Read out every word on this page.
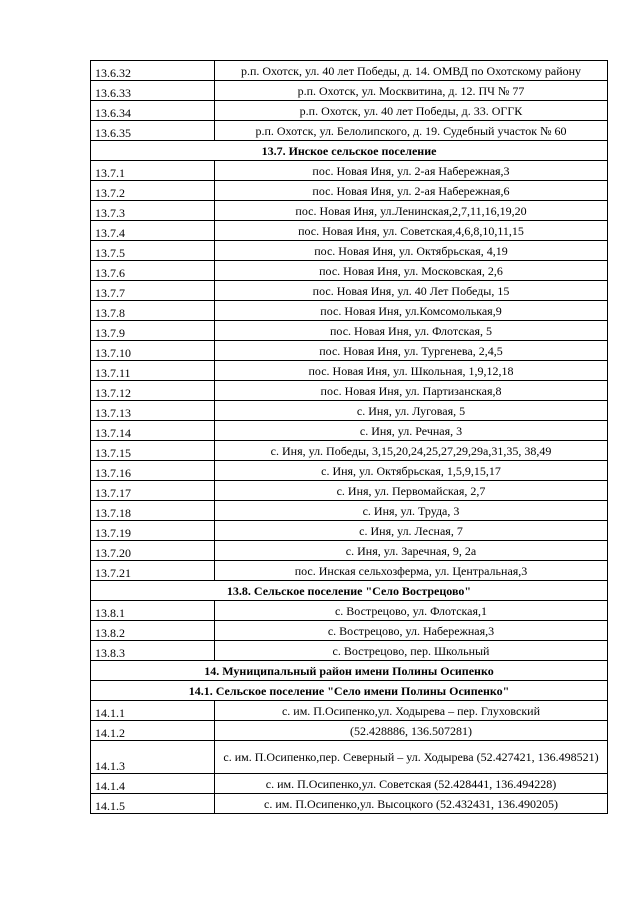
13.6.32	р.п. Охотск, ул. 40 лет Победы, д. 14. ОМВД по Охотскому району
13.6.33	р.п. Охотск, ул. Москвитина, д. 12. ПЧ № 77
13.6.34	р.п. Охотск, ул. 40 лет Победы, д. 33. ОГГК
13.6.35	р.п. Охотск, ул. Белолипского, д. 19. Судебный участок № 60
13.7. Инское сельское поселение	
13.7.1	пос. Новая Иня, ул. 2-ая Набережная,3
13.7.2	пос. Новая Иня, ул. 2-ая Набережная,6
13.7.3	пос. Новая Иня, ул.Ленинская,2,7,11,16,19,20
13.7.4	пос. Новая Иня, ул. Советская,4,6,8,10,11,15
13.7.5	пос. Новая Иня, ул. Октябрьская, 4,19
13.7.6	пос. Новая Иня, ул. Московская, 2,6
13.7.7	пос. Новая Иня, ул. 40 Лет Победы, 15
13.7.8	пос. Новая Иня, ул.Комсомолькая,9
13.7.9	пос. Новая Иня, ул. Флотская, 5
13.7.10	пос. Новая Иня, ул. Тургенева, 2,4,5
13.7.11	пос. Новая Иня, ул. Школьная, 1,9,12,18
13.7.12	пос. Новая Иня, ул. Партизанская,8
13.7.13	с. Иня, ул. Луговая, 5
13.7.14	с. Иня, ул. Речная, 3
13.7.15	с. Иня, ул. Победы, 3,15,20,24,25,27,29,29а,31,35, 38,49
13.7.16	с. Иня, ул. Октябрьская, 1,5,9,15,17
13.7.17	с. Иня, ул. Первомайская, 2,7
13.7.18	с. Иня, ул. Труда, 3
13.7.19	с. Иня, ул. Лесная, 7
13.7.20	с. Иня, ул. Заречная, 9, 2а
13.7.21	пос. Инская сельхозферма, ул. Центральная,3
13.8. Сельское поселение "Село Вострецово"	
13.8.1	с. Вострецово, ул. Флотская,1
13.8.2	с. Вострецово, ул. Набережная,3
13.8.3	с. Вострецово, пер. Школьный
14. Муниципальный район имени Полины Осипенко	
14.1. Сельское поселение "Село имени Полины Осипенко"	
14.1.1	с. им. П.Осипенко,ул. Ходырева – пер. Глуховский
14.1.2	(52.428886, 136.507281)
14.1.3	с. им. П.Осипенко,пер. Северный – ул. Ходырева (52.427421, 136.498521)
14.1.4	с. им. П.Осипенко,ул. Советская (52.428441, 136.494228)
14.1.5	с. им. П.Осипенко,ул. Высоцкого (52.432431, 136.490205)
